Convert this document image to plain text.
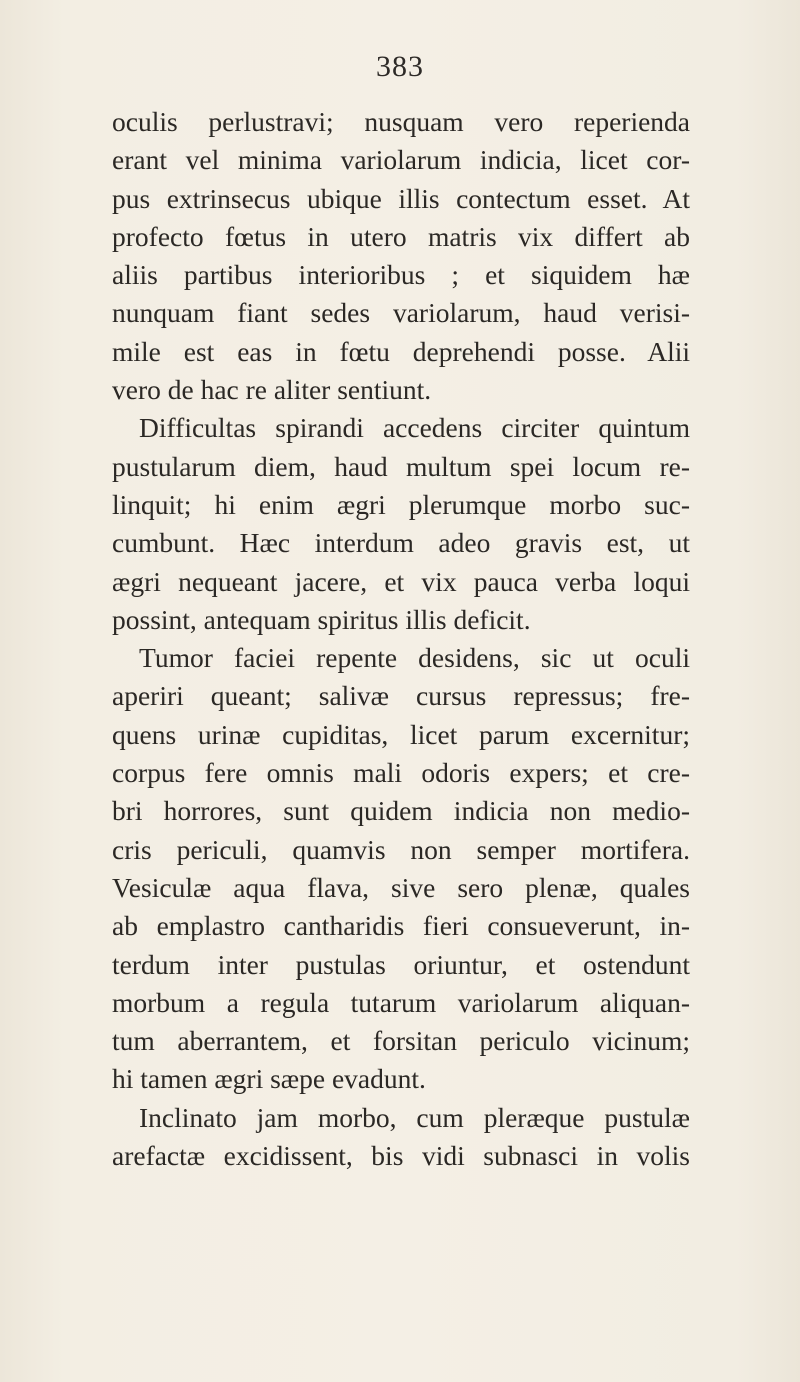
383
oculis perlustravi; nusquam vero reperienda
erant vel minima variolarum indicia, licet cor-
pus extrinsecus ubique illis contectum esset. At
profecto fœtus in utero matris vix differt ab
aliis partibus interioribus ; et siquidem hæ
nunquam fiant sedes variolarum, haud verisi-
mile est eas in fœtu deprehendi posse. Alii
vero de hac re aliter sentiunt.
Difficultas spirandi accedens circiter quintum
pustularum diem, haud multum spei locum re-
linquit; hi enim ægri plerumque morbo suc-
cumbunt. Hæc interdum adeo gravis est, ut
ægri nequeant jacere, et vix pauca verba loqui
possint, antequam spiritus illis deficit.
Tumor faciei repente desidens, sic ut oculi
aperiri queant; salivæ cursus repressus; fre-
quens urinæ cupiditas, licet parum excernitur;
corpus fere omnis mali odoris expers; et cre-
bri horrores, sunt quidem indicia non medio-
cris periculi, quamvis non semper mortifera.
Vesiculæ aqua flava, sive sero plenæ, quales
ab emplastro cantharidis fieri consueverunt, in-
terdum inter pustulas oriuntur, et ostendunt
morbum a regula tutarum variolarum aliquan-
tum aberrantem, et forsitan periculo vicinum;
hi tamen ægri sæpe evadunt.
Inclinato jam morbo, cum pleræque pustulæ
arefactæ excidissent, bis vidi subnasci in volis
